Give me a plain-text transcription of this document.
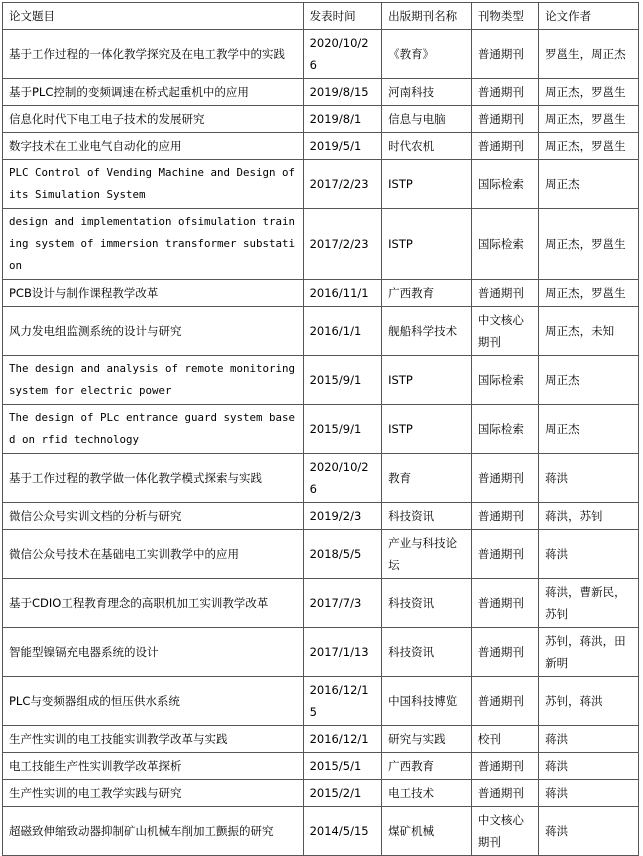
论文题目	发表时间	出版期刊名称	刊物类型	论文作者
基于工作过程的一体化教学探究及在电工教学中的实践	2020/10/26	《教育》	普通期刊	罗邕生，周正杰
基于PLC控制的变频调速在桥式起重机中的应用	2019/8/15	河南科技	普通期刊	周正杰，罗邕生
信息化时代下电工电子技术的发展研究	2019/8/1	信息与电脑	普通期刊	周正杰，罗邕生
数字技术在工业电气自动化的应用	2019/5/1	时代农机	普通期刊	周正杰，罗邕生
PLC Control of Vending Machine and Design of its Simulation System	2017/2/23	ISTP	国际检索	周正杰
design and implementation ofsimulation training system of immersion transformer substation	2017/2/23	ISTP	国际检索	周正杰，罗邕生
PCB设计与制作课程教学改革	2016/11/1	广西教育	普通期刊	周正杰，罗邕生
风力发电组监测系统的设计与研究	2016/1/1	舰船科学技术	中文核心期刊	周正杰，未知
The design and analysis of remote monitoring system for electric power	2015/9/1	ISTP	国际检索	周正杰
The design of PLc entrance guard system based on rfid technology	2015/9/1	ISTP	国际检索	周正杰
基于工作过程的教学做一体化教学模式探索与实践	2020/10/26	教育	普通期刊	蒋洪
微信公众号实训文档的分析与研究	2019/2/3	科技资讯	普通期刊	蒋洪，苏钊
微信公众号技术在基础电工实训教学中的应用	2018/5/5	产业与科技论坛	普通期刊	蒋洪
基于CDIO工程教育理念的高职机加工实训教学改革	2017/7/3	科技资讯	普通期刊	蒋洪，曹新民，苏钊
智能型镍镉充电器系统的设计	2017/1/13	科技资讯	普通期刊	苏钊，蒋洪，田新明
PLC与变频器组成的恒压供水系统	2016/12/15	中国科技博览	普通期刊	苏钊，蒋洪
生产性实训的电工技能实训教学改革与实践	2016/12/1	研究与实践	校刊	蒋洪
电工技能生产性实训教学改革探析	2015/5/1	广西教育	普通期刊	蒋洪
生产性实训的电工教学实践与研究	2015/2/1	电工技术	普通期刊	蒋洪
超磁致伸缩致动器抑制矿山机械车削加工颤振的研究	2014/5/15	煤矿机械	中文核心期刊	蒋洪
